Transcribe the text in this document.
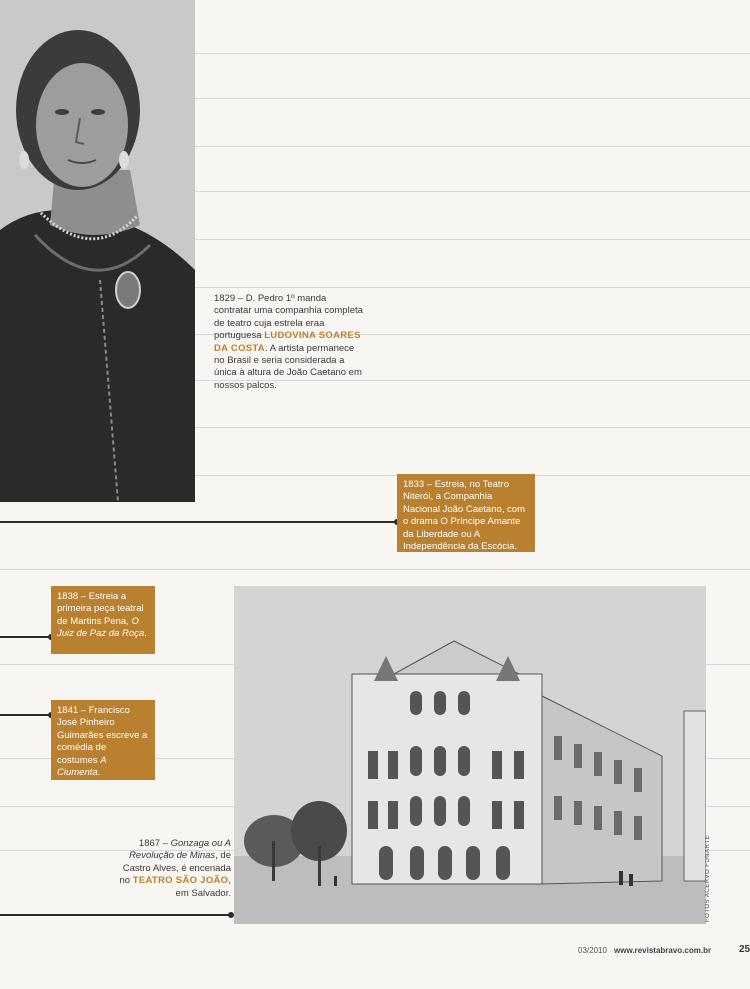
1829 – D. Pedro 1º manda contratar uma companhia completa de teatro cuja estrela eraa portuguesa LUDOVINA SOARES DA COSTA. A artista permanece no Brasil e seria considerada a única à altura de João Caetano em nossos palcos.
1833 – Estreia, no Teatro Niterói, a Companhia Nacional João Caetano, com o drama O Príncipe Amante da Liberdade ou A Independência da Escócia.
1838 – Estreia a primeira peça teatral de Martins Pena, O Juiz de Paz da Roça.
1841 – Francisco José Pinheiro Guimarães escreve a comédia de costumes A Ciumenta.
1867 – Gonzaga ou A Revolução de Minas, de Castro Alves, é encenada no TEATRO SÃO JOÃO, em Salvador.	FOTOS ACERVO FUNARTE
03/2010 www.revistabravo.com.br	25
